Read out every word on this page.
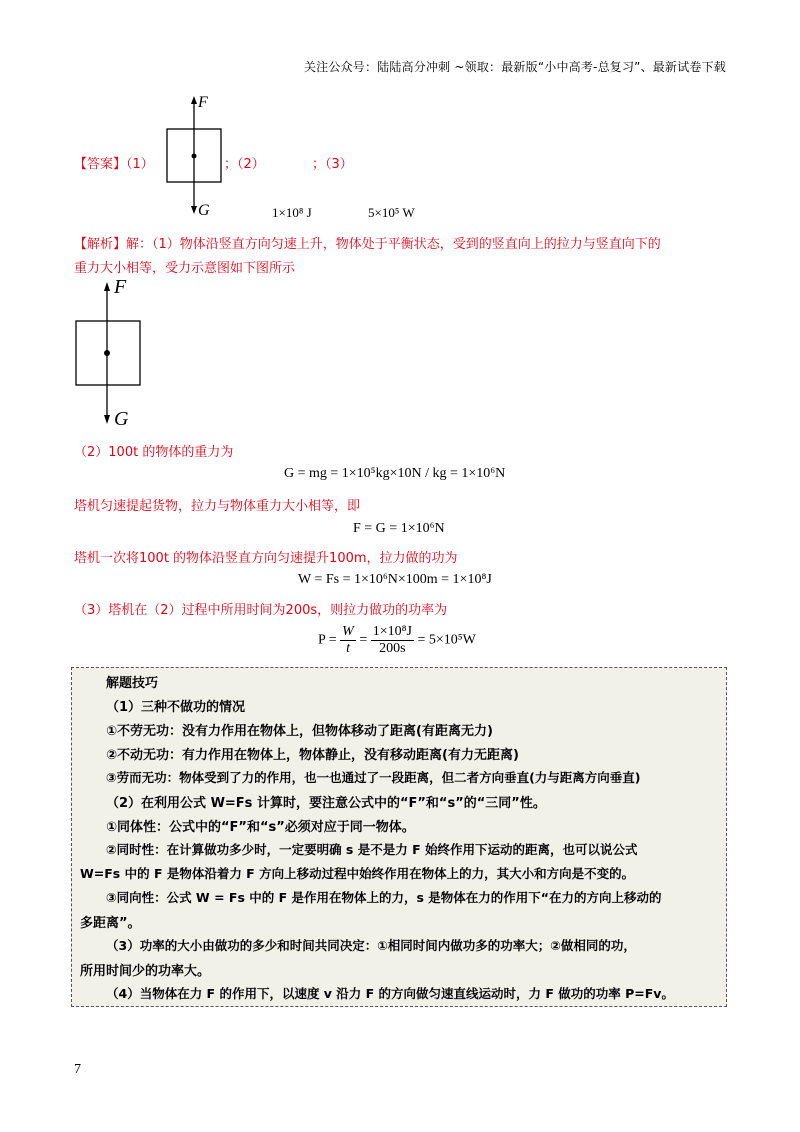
关注公众号：陆陆高分冲刺 ~领取：最新版“小中高考-总复习”、最新试卷下载
【答案】（1）
F
G
；（2）	；（3）
1×10⁸ J	5×10⁵ W
【解析】解：（1）物体沿竖直方向匀速上升，物体处于平衡状态，受到的竖直向上的拉力与竖直向下的
重力大小相等，受力示意图如下图所示
F
G
（2）100t 的物体的重力为
G = mg = 1×10⁵kg×10N / kg = 1×10⁶N
塔机匀速提起货物，拉力与物体重力大小相等，即
F = G = 1×10⁶N
塔机一次将100t 的物体沿竖直方向匀速提升100m，拉力做的功为
W = Fs = 1×10⁶N×100m = 1×10⁸J
（3）塔机在（2）过程中所用时间为200s，则拉力做功的功率为
$P = \frac{W}{t} = \frac{\text{1×10⁸J}}{200s} = 5\times 10^5W$
解题技巧
（1）三种不做功的情况
①不劳无功：没有力作用在物体上，但物体移动了距离(有距离无力)
②不动无功：有力作用在物体上，物体静止，没有移动距离(有力无距离)
③劳而无功：物体受到了力的作用，也一也通过了一段距离，但二者方向垂直(力与距离方向垂直)
（2）在利用公式 W=Fs 计算时，要注意公式中的“F”和“s”的“三同”性。
①同体性：公式中的“F”和“s”必须对应于同一物体。
②同时性：在计算做功多少时，一定要明确 s 是不是力 F 始终作用下运动的距离，也可以说公式
W=Fs 中的 F 是物体沿着力 F 方向上移动过程中始终作用在物体上的力，其大小和方向是不变的。
③同向性：公式 W = Fs 中的 F 是作用在物体上的力，s 是物体在力的作用下“在力的方向上移动的
多距离”。
（3）功率的大小由做功的多少和时间共同决定：①相同时间内做功多的功率大；②做相同的功，
所用时间少的功率大。
（4）当物体在力 F 的作用下，以速度 v 沿力 F 的方向做匀速直线运动时，力 F 做功的功率 P=Fv。
7
